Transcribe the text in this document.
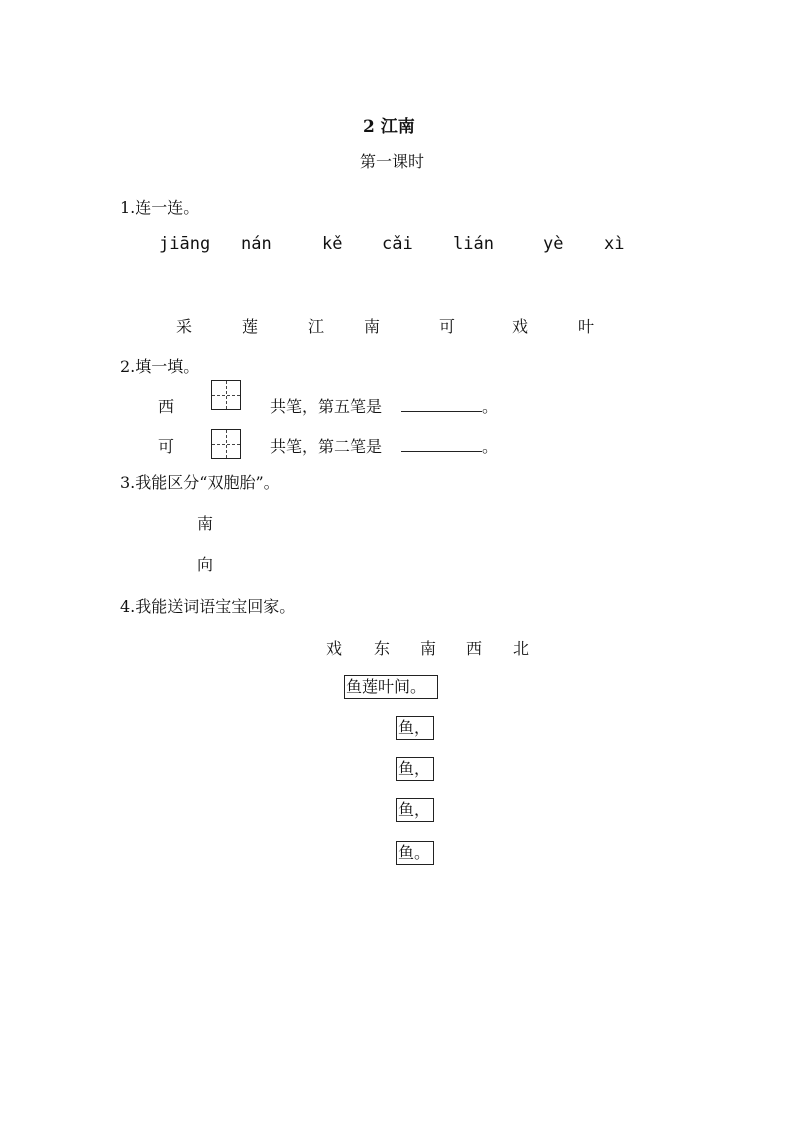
2 江南
第一课时
1.连一连。
jiāng nán	kě cǎi lián	yè xì
采	莲	江 南	可	戏	叶
2.填一填。
西	共笔，第五笔是	。
可	共笔，第二笔是	。
3.我能区分“双胞胎”。
南
向
4.我能送词语宝宝回家。
戏 东 南 西 北
鱼莲叶间。
鱼，
鱼，
鱼，
鱼。
